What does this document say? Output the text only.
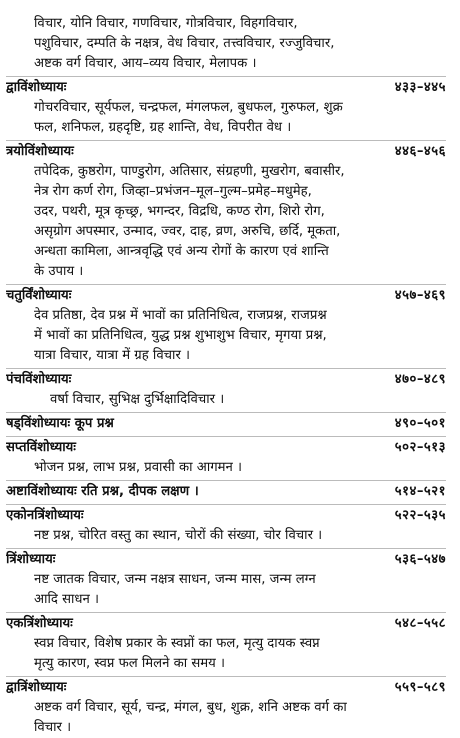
विचार, योनि विचार, गणविचार, गोत्रविचार, विहगविचार,
पशुविचार, दम्पति के नक्षत्र, वेध विचार, तत्त्वविचार, रज्जुविचार,
अष्टक वर्ग विचार, आय–व्यय विचार, मेलापक ।
द्वाविंशोध्यायः	४३३–४४५
गोचरविचार, सूर्यफल, चन्द्रफल, मंगलफल, बुधफल, गुरुफल, शुक्र
फल, शनिफल, ग्रहदृष्टि, ग्रह शान्ति, वेध, विपरीत वेध ।
त्रयोविंशोध्यायः	४४६–४५६
तपेदिक, कुष्ठरोग, पाण्डुरोग, अतिसार, संग्रहणी, मुखरोग, बवासीर,
नेत्र रोग कर्ण रोग, जिव्हा–प्रभंजन–मूल–गुल्म–प्रमेह–मधुमेह,
उदर, पथरी, मूत्र कृच्छ्र, भगन्दर, विद्रधि, कण्ठ रोग, शिरो रोग,
असृग्रोग अपस्मार, उन्माद, ज्वर, दाह, व्रण, अरुचि, छर्दि, मूकता,
अन्धता कामिला, आन्त्रवृद्धि एवं अन्य रोगों के कारण एवं शान्ति
के उपाय ।
चतुर्विंशोध्यायः	४५७–४६९
देव प्रतिष्ठा, देव प्रश्न में भावों का प्रतिनिधित्व, राजप्रश्न, राजप्रश्न
में भावों का प्रतिनिधित्व, युद्ध प्रश्न शुभाशुभ विचार, मृगया प्रश्न,
यात्रा विचार, यात्रा में ग्रह विचार ।
पंचविंशोध्यायः	४७०–४८९
वर्षा विचार, सुभिक्ष दुर्भिक्षादिविचार ।
षड्विंशोध्यायः कूप प्रश्न	४९०–५०१
सप्तविंशोध्यायः	५०२–५१३
भोजन प्रश्न, लाभ प्रश्न, प्रवासी का आगमन ।
अष्टाविंशोध्यायः रति प्रश्न, दीपक लक्षण ।	५१४–५२१
एकोनत्रिंशोध्यायः	५२२–५३५
नष्ट प्रश्न, चोरित वस्तु का स्थान, चोरों की संख्या, चोर विचार ।
त्रिंशोध्यायः	५३६–५४७
नष्ट जातक विचार, जन्म नक्षत्र साधन, जन्म मास, जन्म लग्न
आदि साधन ।
एकत्रिंशोध्यायः	५४८–५५८
स्वप्न विचार, विशेष प्रकार के स्वप्नों का फल, मृत्यु दायक स्वप्न
मृत्यु कारण, स्वप्न फल मिलने का समय ।
द्वात्रिंशोध्यायः	५५९–५८९
अष्टक वर्ग विचार, सूर्य, चन्द्र, मंगल, बुध, शुक्र, शनि अष्टक वर्ग का
विचार ।
